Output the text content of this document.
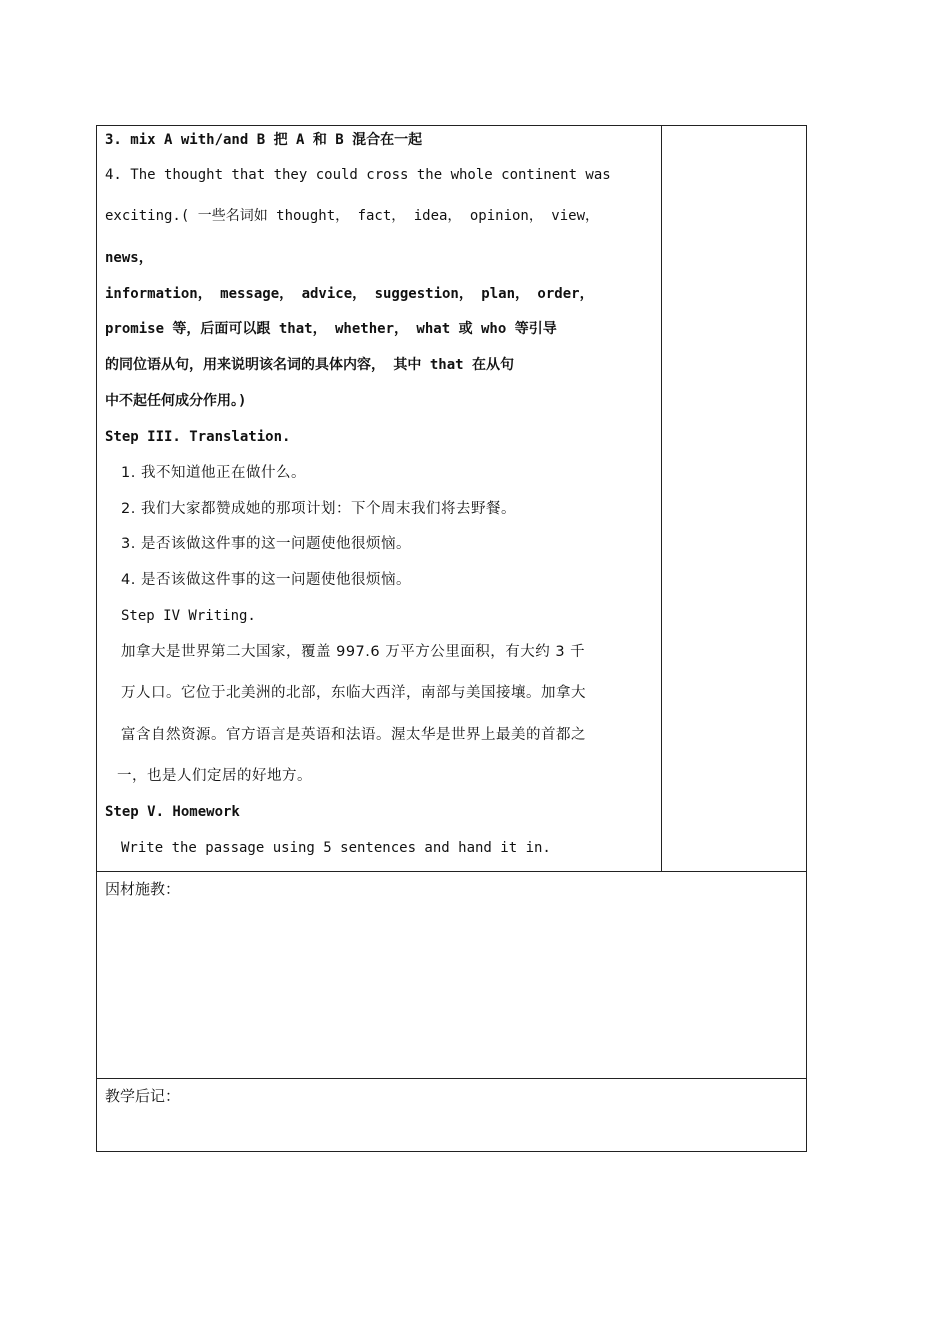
3. mix A with/and B 把 A 和 B 混合在一起
4. The thought that they could cross the whole continent was
exciting.( 一些名词如 thought， fact， idea， opinion， view，
news，
information， message， advice， suggestion， plan， order，
promise 等，后面可以跟 that， whether， what 或 who 等引导
的同位语从句，用来说明该名词的具体内容， 其中 that 在从句
中不起任何成分作用。)
Step III. Translation.
1. 我不知道他正在做什么。
2. 我们大家都赞成她的那项计划：下个周末我们将去野餐。
3. 是否该做这件事的这一问题使他很烦恼。
4. 是否该做这件事的这一问题使他很烦恼。
Step IV Writing.
加拿大是世界第二大国家，覆盖 997.6 万平方公里面积，有大约 3 千
万人口。它位于北美洲的北部，东临大西洋，南部与美国接壤。加拿大
富含自然资源。官方语言是英语和法语。渥太华是世界上最美的首都之
一，也是人们定居的好地方。
Step V. Homework
Write the passage using 5 sentences and hand it in.

因材施教：

教学后记：
